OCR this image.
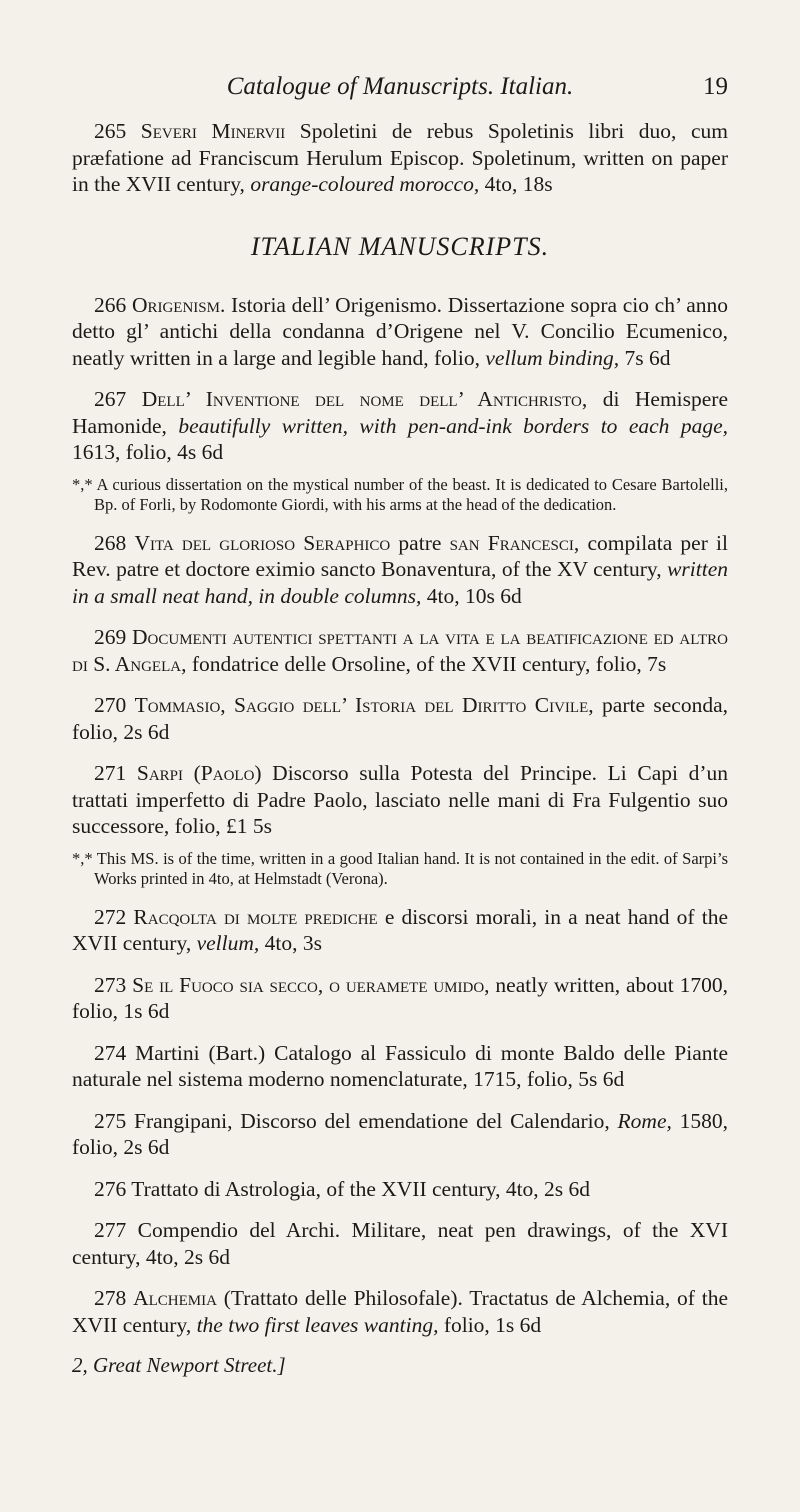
Catalogue of Manuscripts. Italian.	19

265 Severi Minervii Spoletini de rebus Spoletinis libri duo, cum præfatione ad Franciscum Herulum Episcop. Spoletinum, written on paper in the XVII century, orange-coloured morocco, 4to, 18s

ITALIAN MANUSCRIPTS.

266 Origenism. Istoria dell’ Origenismo. Dissertazione sopra cio ch’ anno detto gl’ antichi della condanna d’Origene nel V. Concilio Ecumenico, neatly written in a large and legible hand, folio, vellum binding, 7s 6d

267 Dell’ Inventione del nome dell’ Antichristo, di Hemispere Hamonide, beautifully written, with pen-and-ink borders to each page, 1613, folio, 4s 6d

*,* A curious dissertation on the mystical number of the beast. It is dedicated to Cesare Bartolelli, Bp. of Forli, by Rodomonte Giordi, with his arms at the head of the dedication.

268 Vita del glorioso Seraphico patre san Francesci, compilata per il Rev. patre et doctore eximio sancto Bonaventura, of the XV century, written in a small neat hand, in double columns, 4to, 10s 6d

269 Documenti autentici spettanti a la vita e la beatificazione ed altro di S. Angela, fondatrice delle Orsoline, of the XVII century, folio, 7s

270 Tommasio, Saggio dell’ Istoria del Diritto Civile, parte seconda, folio, 2s 6d

271 Sarpi (Paolo) Discorso sulla Potesta del Principe. Li Capi d’un trattati imperfetto di Padre Paolo, lasciato nelle mani di Fra Fulgentio suo successore, folio, £1 5s

*,* This MS. is of the time, written in a good Italian hand. It is not contained in the edit. of Sarpi’s Works printed in 4to, at Helmstadt (Verona).

272 Racqolta di molte prediche e discorsi morali, in a neat hand of the XVII century, vellum, 4to, 3s

273 Se il Fuoco sia secco, o uerамete umido, neatly written, about 1700, folio, 1s 6d

274 Martini (Bart.) Catalogo al Fassiculo di monte Baldo delle Piante naturale nel sistema moderno nomenclaturate, 1715, folio, 5s 6d

275 Frangipani, Discorso del emendatione del Calendario, Rome, 1580, folio, 2s 6d

276 Trattato di Astrologia, of the XVII century, 4to, 2s 6d

277 Compendio del Archi. Militare, neat pen drawings, of the XVI century, 4to, 2s 6d

278 Alchemia (Trattato delle Philosofale). Tractatus de Alchemia, of the XVII century, the two first leaves wanting, folio, 1s 6d

2, Great Newport Street.]
